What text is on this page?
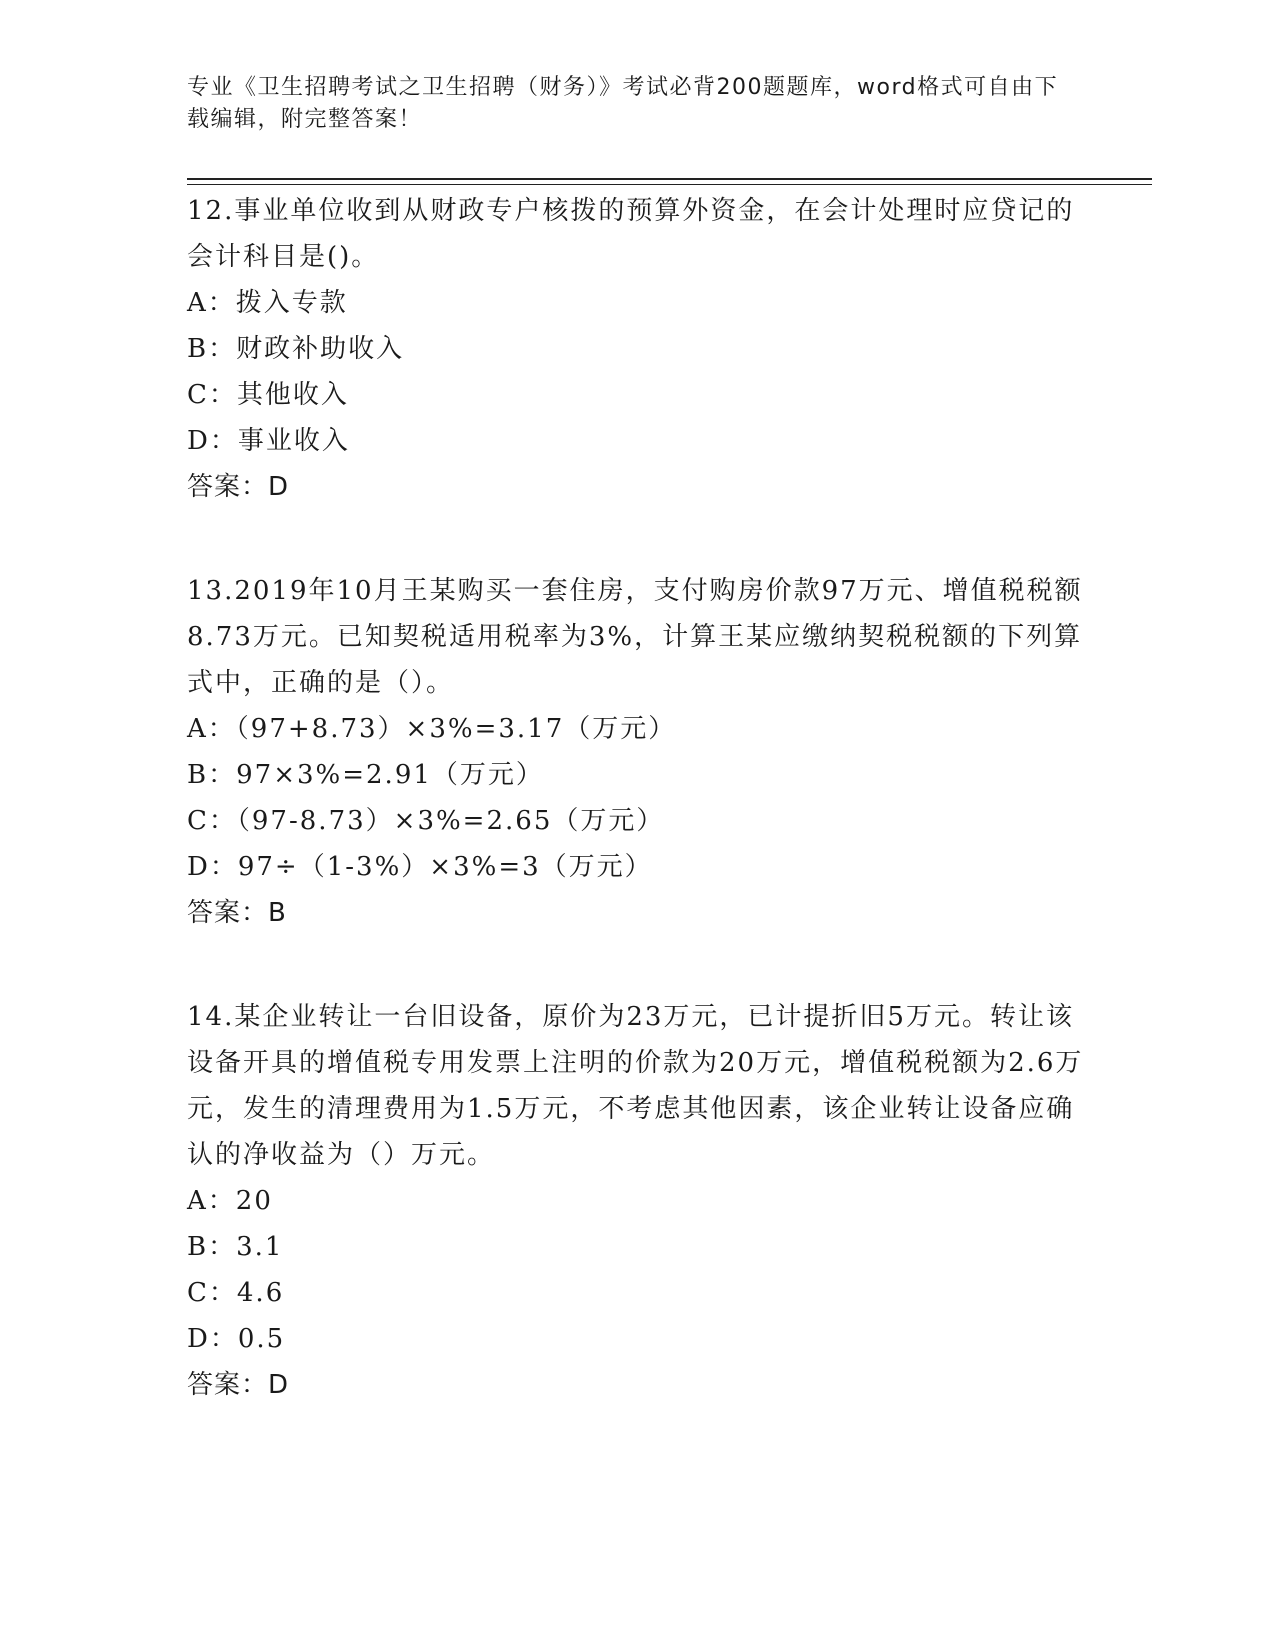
专业《卫生招聘考试之卫生招聘（财务）》考试必背200题题库，word格式可自由下载编辑，附完整答案！
12.事业单位收到从财政专户核拨的预算外资金，在会计处理时应贷记的会计科目是()。
A：拨入专款
B：财政补助收入
C：其他收入
D：事业收入
答案：D
13.2019年10月王某购买一套住房，支付购房价款97万元、增值税税额8.73万元。已知契税适用税率为3%，计算王某应缴纳契税税额的下列算式中，正确的是（）。
A：（97+8.73）×3%=3.17（万元）
B：97×3%=2.91（万元）
C：（97-8.73）×3%=2.65（万元）
D：97÷（1-3%）×3%=3（万元）
答案：B
14.某企业转让一台旧设备，原价为23万元，已计提折旧5万元。转让该设备开具的增值税专用发票上注明的价款为20万元，增值税税额为2.6万元，发生的清理费用为1.5万元，不考虑其他因素，该企业转让设备应确认的净收益为（）万元。
A：20
B：3.1
C：4.6
D：0.5
答案：D
